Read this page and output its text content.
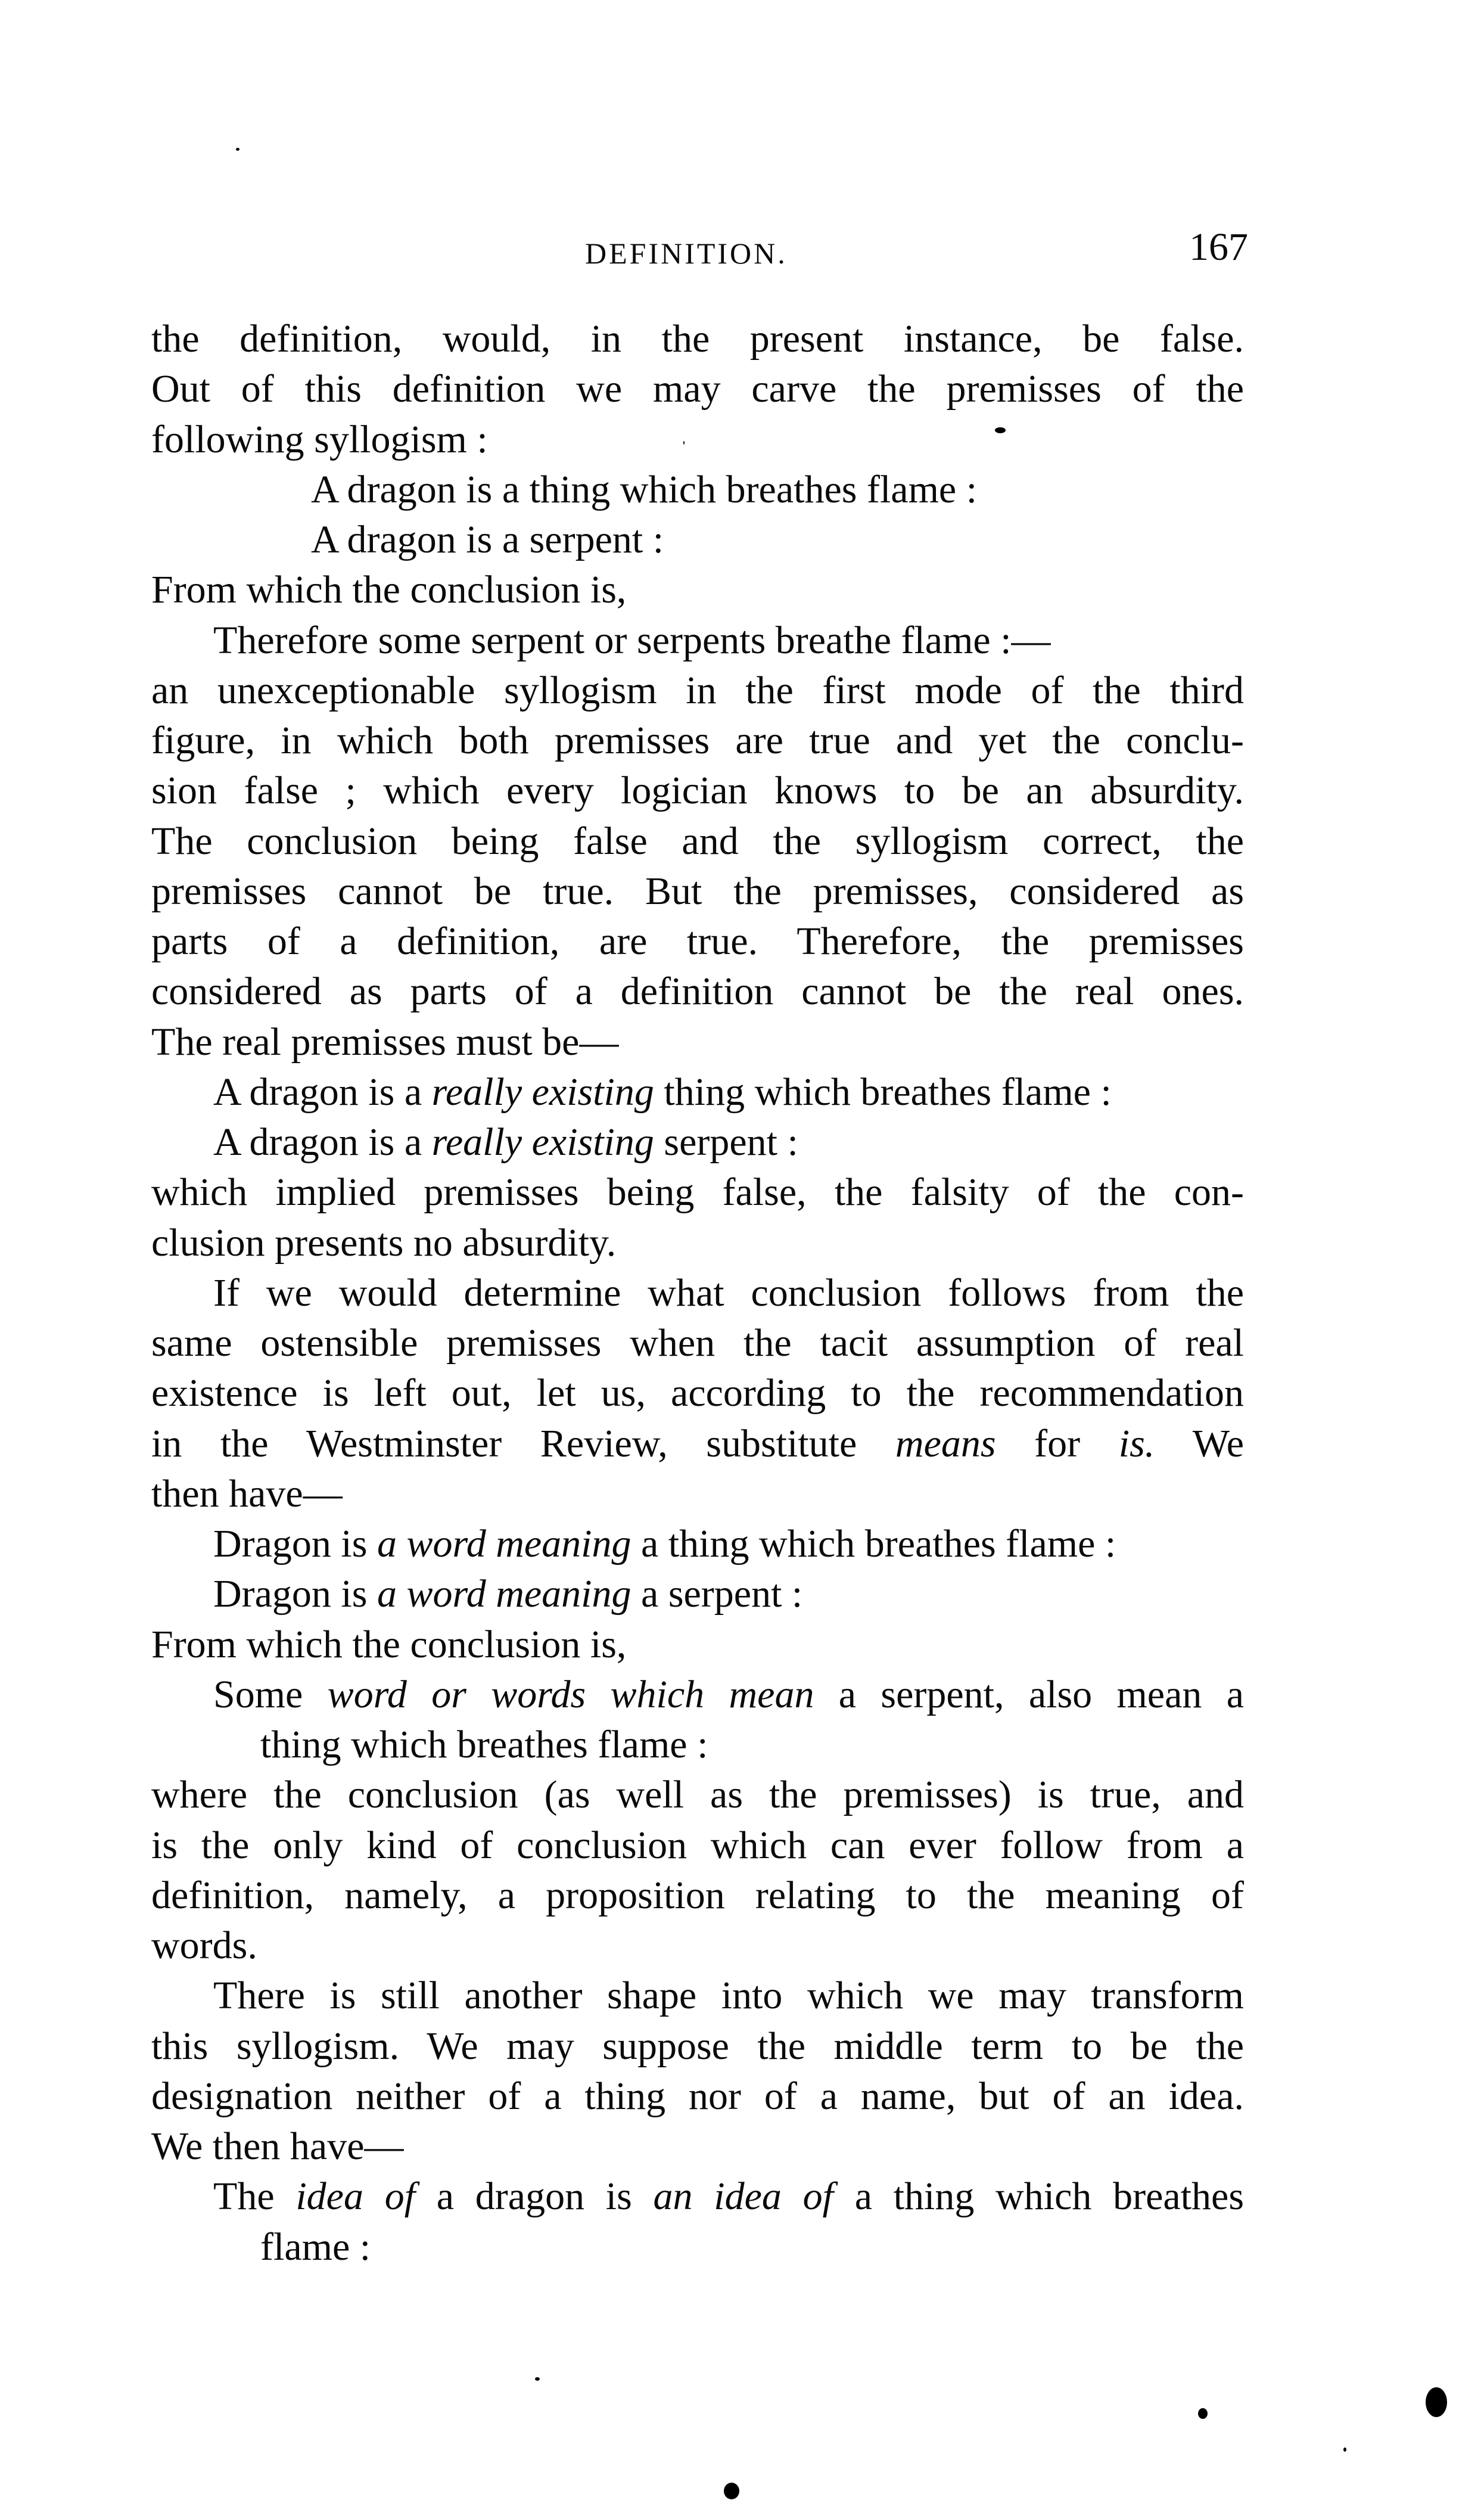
DEFINITION.	167
the definition, would, in the present instance, be false.
Out of this definition we may carve the premisses of the
following syllogism :
A dragon is a thing which breathes flame :
A dragon is a serpent :
From which the conclusion is,
Therefore some serpent or serpents breathe flame :—
an unexceptionable syllogism in the first mode of the third
figure, in which both premisses are true and yet the conclu-
sion false ; which every logician knows to be an absurdity.
The conclusion being false and the syllogism correct, the
premisses cannot be true. But the premisses, considered as
parts of a definition, are true. Therefore, the premisses
considered as parts of a definition cannot be the real ones.
The real premisses must be—
A dragon is a really existing thing which breathes flame :
A dragon is a really existing serpent :
which implied premisses being false, the falsity of the con-
clusion presents no absurdity.
If we would determine what conclusion follows from the
same ostensible premisses when the tacit assumption of real
existence is left out, let us, according to the recommendation
in the Westminster Review, substitute means for is. We
then have—
Dragon is a word meaning a thing which breathes flame :
Dragon is a word meaning a serpent :
From which the conclusion is,
Some word or words which mean a serpent, also mean a
thing which breathes flame :
where the conclusion (as well as the premisses) is true, and
is the only kind of conclusion which can ever follow from a
definition, namely, a proposition relating to the meaning of
words.
There is still another shape into which we may transform
this syllogism. We may suppose the middle term to be the
designation neither of a thing nor of a name, but of an idea.
We then have—
The idea of a dragon is an idea of a thing which breathes
flame :
